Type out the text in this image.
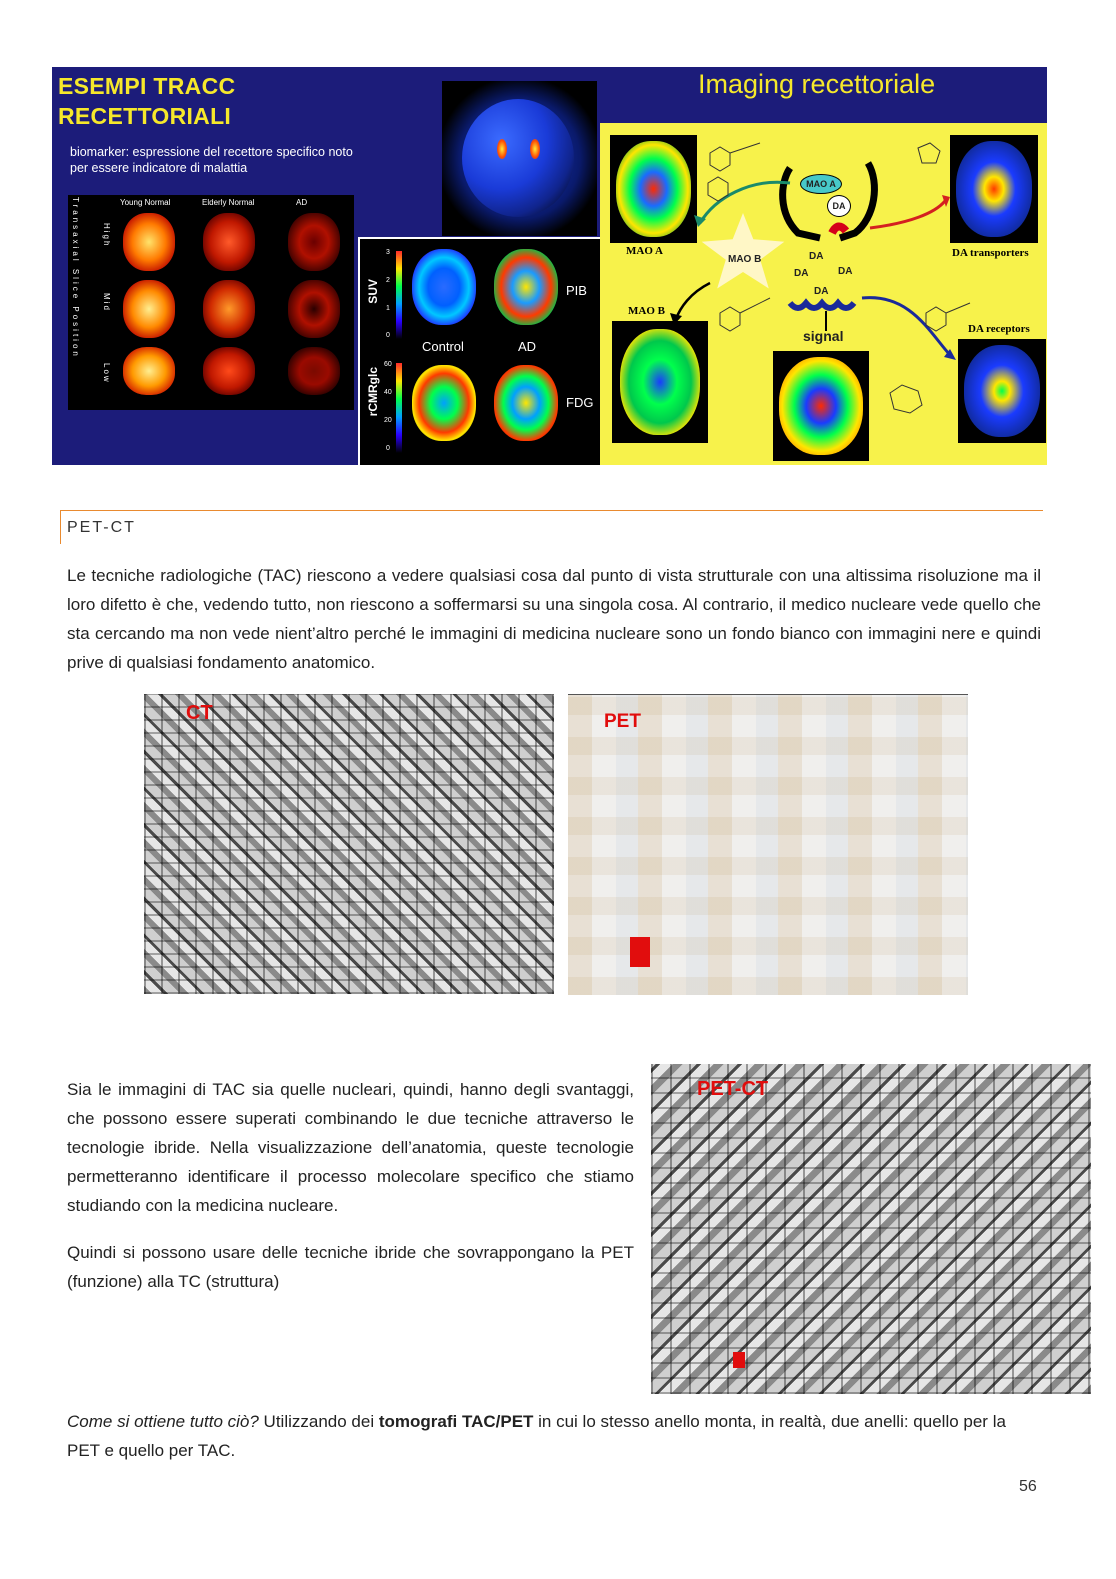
ESEMPI TRACC RECETTORIALI
biomarker: espressione del recettore specifico noto per essere indicatore di malattia
Imaging recettoriale
Transaxial Slice Position	Young Normal	Elderly Normal	AD
High
Mid
Low
SUV
3
2
1
0
PIB
Control	AD
rCMRglc
60
40
20
0
FDG
MAO A
MAO B
DA transporters
DA receptors
MAO B
MAO A
DA
DA
DA	DA
DA
signal
PET-CT

Le tecniche radiologiche (TAC) riescono a vedere qualsiasi cosa dal punto di vista strutturale con una altissima risoluzione ma il loro difetto è che, vedendo tutto, non riescono a soffermarsi su una singola cosa. Al contrario, il medico nucleare vede quello che sta cercando ma non vede nient’altro perché le immagini di medicina nucleare sono un fondo bianco con immagini nere e quindi prive di qualsiasi fondamento anatomico.

CT	PET

Sia le immagini di TAC sia quelle nucleari, quindi, hanno degli svantaggi, che possono essere superati combinando le due tecniche attraverso le tecnologie ibride. Nella visualizzazione dell’anatomia, queste tecnologie permetteranno identificare il processo molecolare specifico che stiamo studiando con la medicina nucleare.

Quindi si possono usare delle tecniche ibride che sovrappongano la PET (funzione) alla TC (struttura)

PET-CT

Come si ottiene tutto ciò? Utilizzando dei tomografi TAC/PET in cui lo stesso anello monta, in realtà, due anelli: quello per la PET e quello per TAC.

56
